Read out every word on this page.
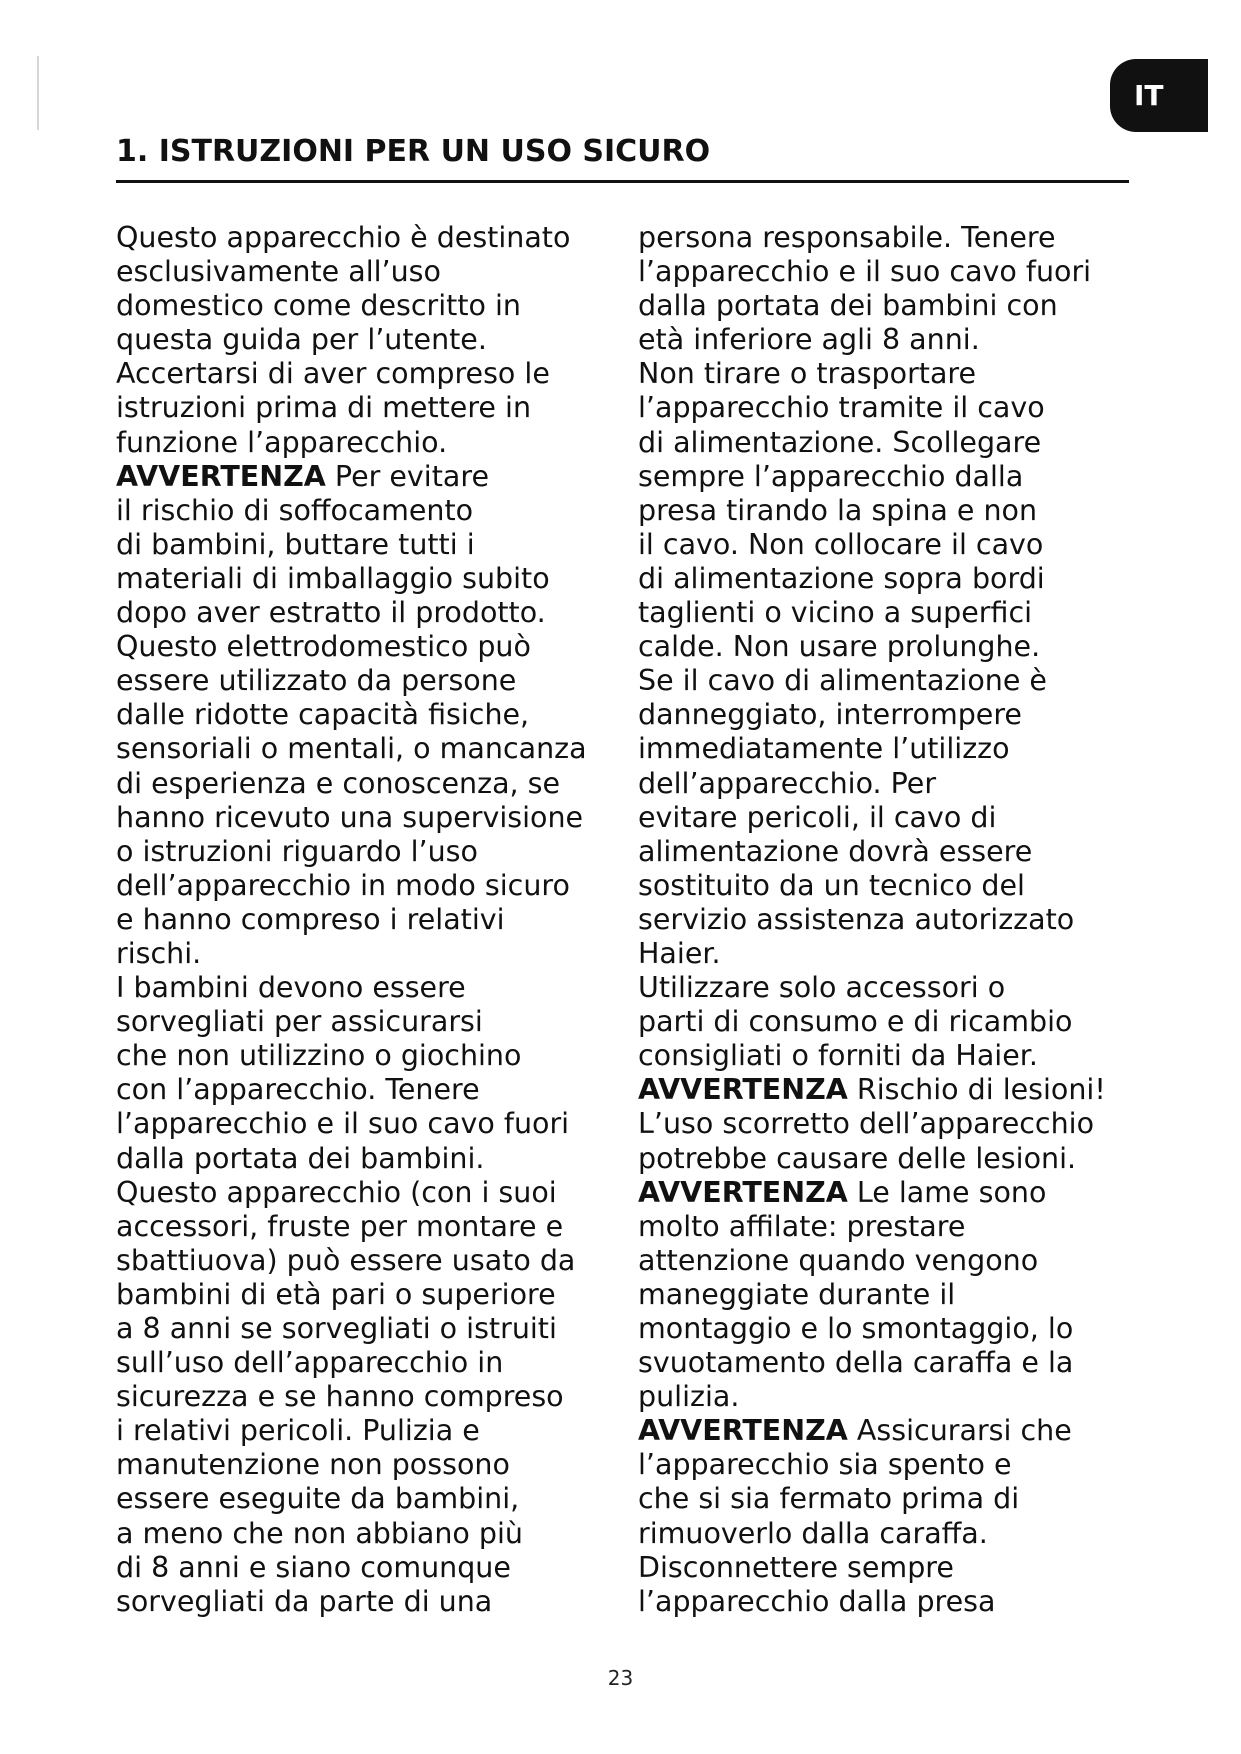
IT
1. ISTRUZIONI PER UN USO SICURO
Questo apparecchio è destinato
esclusivamente all’uso
domestico come descritto in
questa guida per l’utente.
Accertarsi di aver compreso le
istruzioni prima di mettere in
funzione l’apparecchio.
AVVERTENZA Per evitare
il rischio di soffocamento
di bambini, buttare tutti i
materiali di imballaggio subito
dopo aver estratto il prodotto.
Questo elettrodomestico può
essere utilizzato da persone
dalle ridotte capacità fisiche,
sensoriali o mentali, o mancanza
di esperienza e conoscenza, se
hanno ricevuto una supervisione
o istruzioni riguardo l’uso
dell’apparecchio in modo sicuro
e hanno compreso i relativi
rischi.
I bambini devono essere
sorvegliati per assicurarsi
che non utilizzino o giochino
con l’apparecchio. Tenere
l’apparecchio e il suo cavo fuori
dalla portata dei bambini.
Questo apparecchio (con i suoi
accessori, fruste per montare e
sbattiuova) può essere usato da
bambini di età pari o superiore
a 8 anni se sorvegliati o istruiti
sull’uso dell’apparecchio in
sicurezza e se hanno compreso
i relativi pericoli. Pulizia e
manutenzione non possono
essere eseguite da bambini,
a meno che non abbiano più
di 8 anni e siano comunque
sorvegliati da parte di una
persona responsabile. Tenere
l’apparecchio e il suo cavo fuori
dalla portata dei bambini con
età inferiore agli 8 anni.
Non tirare o trasportare
l’apparecchio tramite il cavo
di alimentazione. Scollegare
sempre l’apparecchio dalla
presa tirando la spina e non
il cavo. Non collocare il cavo
di alimentazione sopra bordi
taglienti o vicino a superfici
calde. Non usare prolunghe.
Se il cavo di alimentazione è
danneggiato, interrompere
immediatamente l’utilizzo
dell’apparecchio. Per
evitare pericoli, il cavo di
alimentazione dovrà essere
sostituito da un tecnico del
servizio assistenza autorizzato
Haier.
Utilizzare solo accessori o
parti di consumo e di ricambio
consigliati o forniti da Haier.
AVVERTENZA Rischio di lesioni!
L’uso scorretto dell’apparecchio
potrebbe causare delle lesioni.
AVVERTENZA Le lame sono
molto affilate: prestare
attenzione quando vengono
maneggiate durante il
montaggio e lo smontaggio, lo
svuotamento della caraffa e la
pulizia.
AVVERTENZA Assicurarsi che
l’apparecchio sia spento e
che si sia fermato prima di
rimuoverlo dalla caraffa.
Disconnettere sempre
l’apparecchio dalla presa
23
